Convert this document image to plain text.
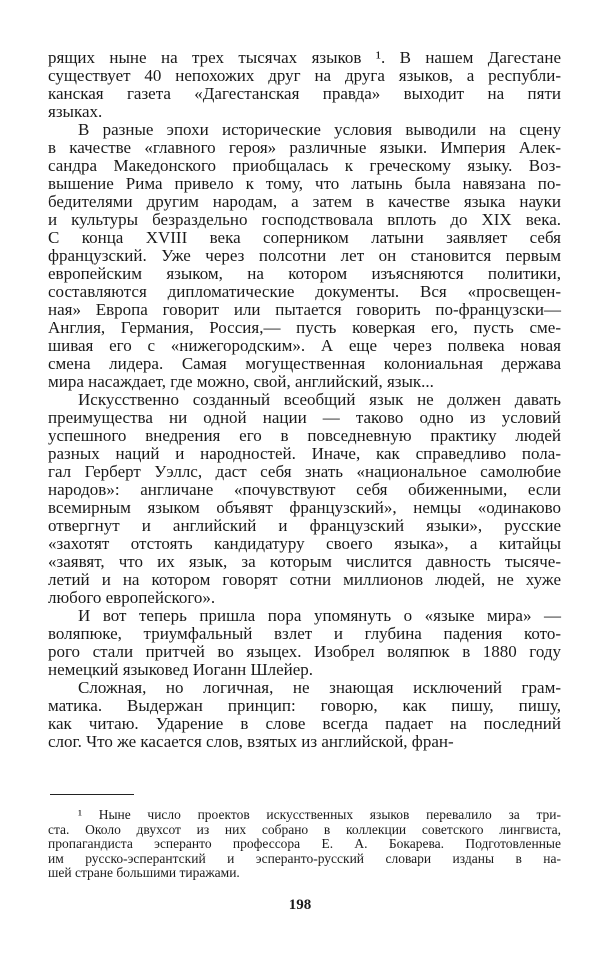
рящих ныне на трех тысячах языков ¹. В нашем Дагестане
существует 40 непохожих друг на друга языков, а республи-
канская газета «Дагестанская правда» выходит на пяти
языках.
В разные эпохи исторические условия выводили на сцену
в качестве «главного героя» различные языки. Империя Алек-
сандра Македонского приобщалась к греческому языку. Воз-
вышение Рима привело к тому, что латынь была навязана по-
бедителями другим народам, а затем в качестве языка науки
и культуры безраздельно господствовала вплоть до XIX века.
С конца XVIII века соперником латыни заявляет себя
французский. Уже через полсотни лет он становится первым
европейским языком, на котором изъясняются политики,
составляются дипломатические документы. Вся «просвещен-
ная» Европа говорит или пытается говорить по-французски—
Англия, Германия, Россия,— пусть коверкая его, пусть сме-
шивая его с «нижегородским». А еще через полвека новая
смена лидера. Самая могущественная колониальная держава
мира насаждает, где можно, свой, английский, язык...
Искусственно созданный всеобщий язык не должен давать
преимущества ни одной нации — таково одно из условий
успешного внедрения его в повседневную практику людей
разных наций и народностей. Иначе, как справедливо пола-
гал Герберт Уэллс, даст себя знать «национальное самолюбие
народов»: англичане «почувствуют себя обиженными, если
всемирным языком объявят французский», немцы «одинаково
отвергнут и английский и французский языки», русские
«захотят отстоять кандидатуру своего языка», а китайцы
«заявят, что их язык, за которым числится давность тысяче-
летий и на котором говорят сотни миллионов людей, не хуже
любого европейского».
И вот теперь пришла пора упомянуть о «языке мира» —
воляпюке, триумфальный взлет и глубина падения кото-
рого стали притчей во языцех. Изобрел воляпюк в 1880 году
немецкий языковед Иоганн Шлейер.
Сложная, но логичная, не знающая исключений грам-
матика. Выдержан принцип: говорю, как пишу, пишу,
как читаю. Ударение в слове всегда падает на последний
слог. Что же касается слов, взятых из английской, фран-
¹ Ныне число проектов искусственных языков перевалило за три-
ста. Около двухсот из них собрано в коллекции советского лингвиста,
пропагандиста эсперанто профессора Е. А. Бокарева. Подготовленные
им русско-эсперантский и эсперанто-русский словари изданы в на-
шей стране большими тиражами.
198
